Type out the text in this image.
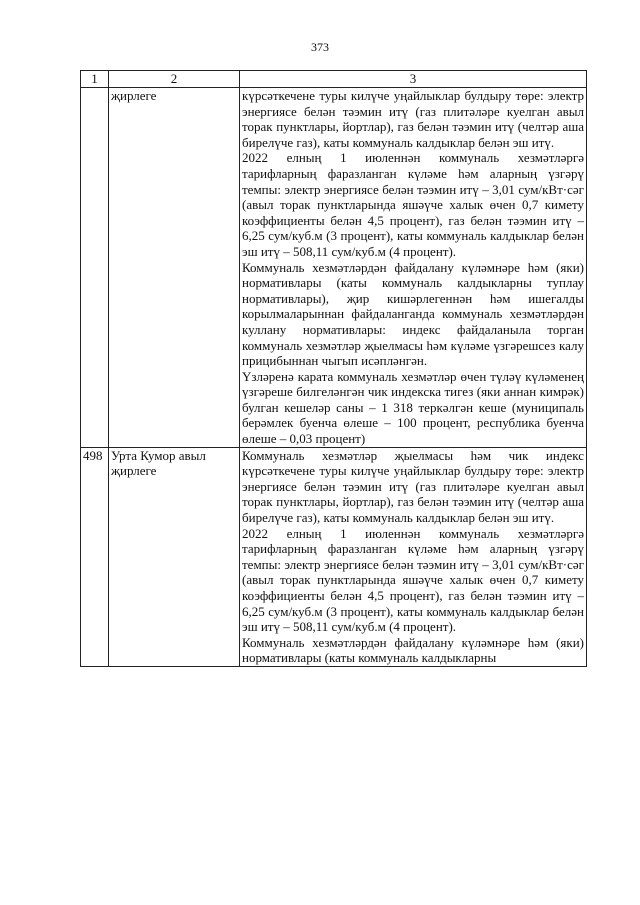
373
1	2	3
	җирлеге	күрсәткечене туры килүче уңайлыклар булдыру төре: электр энергиясе белән тәэмин итү (газ плитәләре куелган авыл торак пунктлары, йортлар), газ белән тәэмин итү (челтәр аша бирелүче газ), каты коммуналь калдыклар белән эш итү.

2022 елның 1 июленнән коммуналь хезмәтләргә тарифларның фаразланган күләме һәм аларның үзгәрү темпы: электр энергиясе белән тәэмин итү – 3,01 сум/кВт·сәг (авыл торак пунктларында яшәүче халык өчен 0,7 кимету коэффициенты белән 4,5 процент), газ белән тәэмин итү – 6,25 сум/куб.м (3 процент), каты коммуналь калдыклар белән эш итү – 508,11 сум/куб.м (4 процент).

Коммуналь хезмәтләрдән файдалану күләмнәре һәм (яки) нормативлары (каты коммуналь калдыкларны туплау нормативлары), җир кишәрлегеннән һәм ишегалды корылмаларыннан файдаланганда коммуналь хезмәтләрдән куллану нормативлары: индекс файдаланыла торган коммуналь хезмәтләр җыелмасы һәм күләме үзгәрешсез калу прицибыннан чыгып исәпләнгән.

Үзләренә карата коммуналь хезмәтләр өчен түләү күләменең үзгәреше билгеләнгән чик индекска тигез (яки аннан кимрәк) булган кешеләр саны – 1 318 теркәлгән кеше (муниципаль берәмлек буенча өлеше – 100 процент, республика буенча өлеше – 0,03 процент)

498	Урта Кумор авыл җирлеге	Коммуналь хезмәтләр җыелмасы һәм чик индекс күрсәткечене туры килүче уңайлыклар булдыру төре: электр энергиясе белән тәэмин итү (газ плитәләре куелган авыл торак пунктлары, йортлар), газ белән тәэмин итү (челтәр аша бирелүче газ), каты коммуналь калдыклар белән эш итү.

2022 елның 1 июленнән коммуналь хезмәтләргә тарифларның фаразланган күләме һәм аларның үзгәрү темпы: электр энергиясе белән тәэмин итү – 3,01 сум/кВт·сәг (авыл торак пунктларында яшәүче халык өчен 0,7 кимету коэффициенты белән 4,5 процент), газ белән тәэмин итү – 6,25 сум/куб.м (3 процент), каты коммуналь калдыклар белән эш итү – 508,11 сум/куб.м (4 процент).

Коммуналь хезмәтләрдән файдалану күләмнәре һәм (яки) нормативлары (каты коммуналь калдыкларны
